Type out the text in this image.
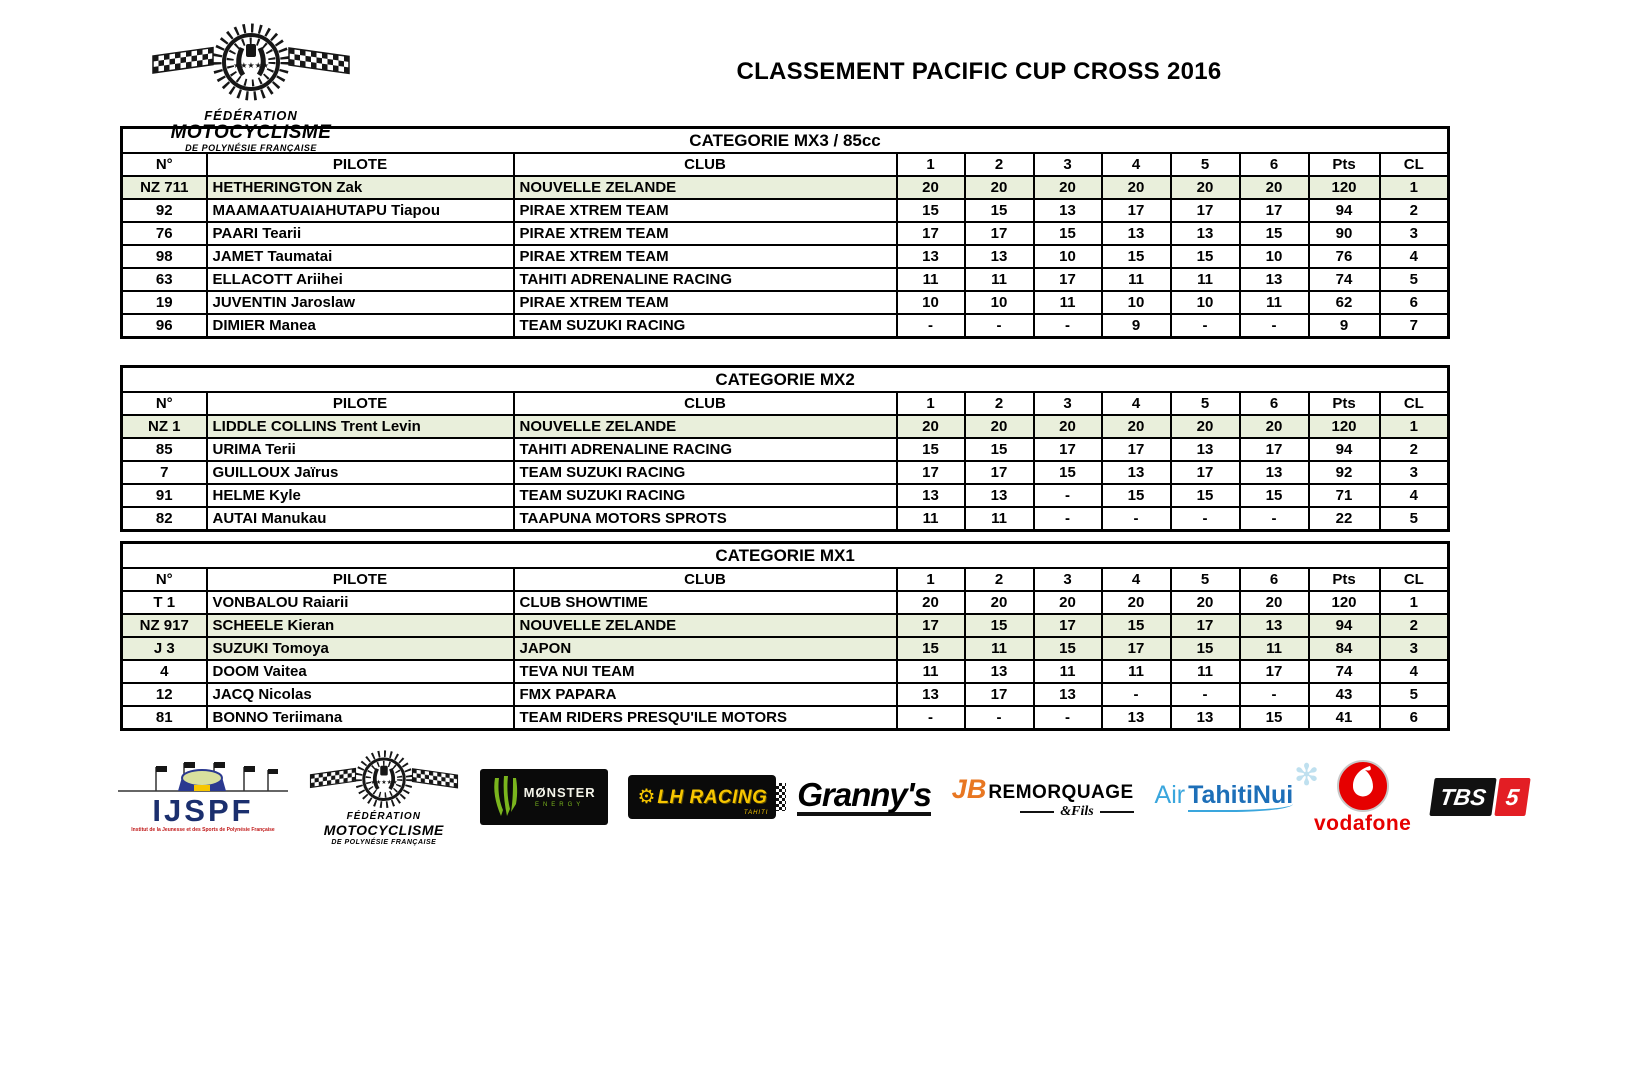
FÉDÉRATION
MOTOCYCLISME
DE POLYNÉSIE FRANÇAISE
CLASSEMENT PACIFIC CUP CROSS 2016
CATEGORIE MX3 / 85cc										
N°	PILOTE	CLUB	1	2	3	4	5	6	Pts	CL
NZ 711	HETHERINGTON Zak	NOUVELLE ZELANDE	20	20	20	20	20	20	120	1
92	MAAMAATUAIAHUTAPU Tiapou	PIRAE XTREM TEAM	15	15	13	17	17	17	94	2
76	PAARI Tearii	PIRAE XTREM TEAM	17	17	15	13	13	15	90	3
98	JAMET Taumatai	PIRAE XTREM TEAM	13	13	10	15	15	10	76	4
63	ELLACOTT Ariihei	TAHITI ADRENALINE RACING	11	11	17	11	11	13	74	5
19	JUVENTIN Jaroslaw	PIRAE XTREM TEAM	10	10	11	10	10	11	62	6
96	DIMIER Manea	TEAM SUZUKI RACING	-	-	-	9	-	-	9	7
CATEGORIE MX2										
N°	PILOTE	CLUB	1	2	3	4	5	6	Pts	CL
NZ 1	LIDDLE COLLINS Trent Levin	NOUVELLE ZELANDE	20	20	20	20	20	20	120	1
85	URIMA Terii	TAHITI ADRENALINE RACING	15	15	17	17	13	17	94	2
7	GUILLOUX Jaïrus	TEAM SUZUKI RACING	17	17	15	13	17	13	92	3
91	HELME Kyle	TEAM SUZUKI RACING	13	13	-	15	15	15	71	4
82	AUTAI Manukau	TAAPUNA MOTORS SPROTS	11	11	-	-	-	-	22	5
CATEGORIE MX1										
N°	PILOTE	CLUB	1	2	3	4	5	6	Pts	CL
T 1	VONBALOU Raiarii	CLUB SHOWTIME	20	20	20	20	20	20	120	1
NZ 917	SCHEELE Kieran	NOUVELLE ZELANDE	17	15	17	15	17	13	94	2
J 3	SUZUKI Tomoya	JAPON	15	11	15	17	15	11	84	3
4	DOOM Vaitea	TEVA NUI TEAM	11	13	11	11	11	17	74	4
12	JACQ Nicolas	FMX PAPARA	13	17	13	-	-	-	43	5
81	BONNO Teriimana	TEAM RIDERS PRESQU'ILE MOTORS	-	-	-	13	13	15	41	6
IJSPF
Institut de la Jeunesse et des Sports de Polynésie Française
FÉDÉRATION
MOTOCYCLISME
DE POLYNÉSIE FRANÇAISE
MØNSTER
ENERGY	⚙ LH RACING
TAHITI Granny's JB REMORQUAGE
&Fils
✻
Air TahitiNui
vodafone
TBS 5
